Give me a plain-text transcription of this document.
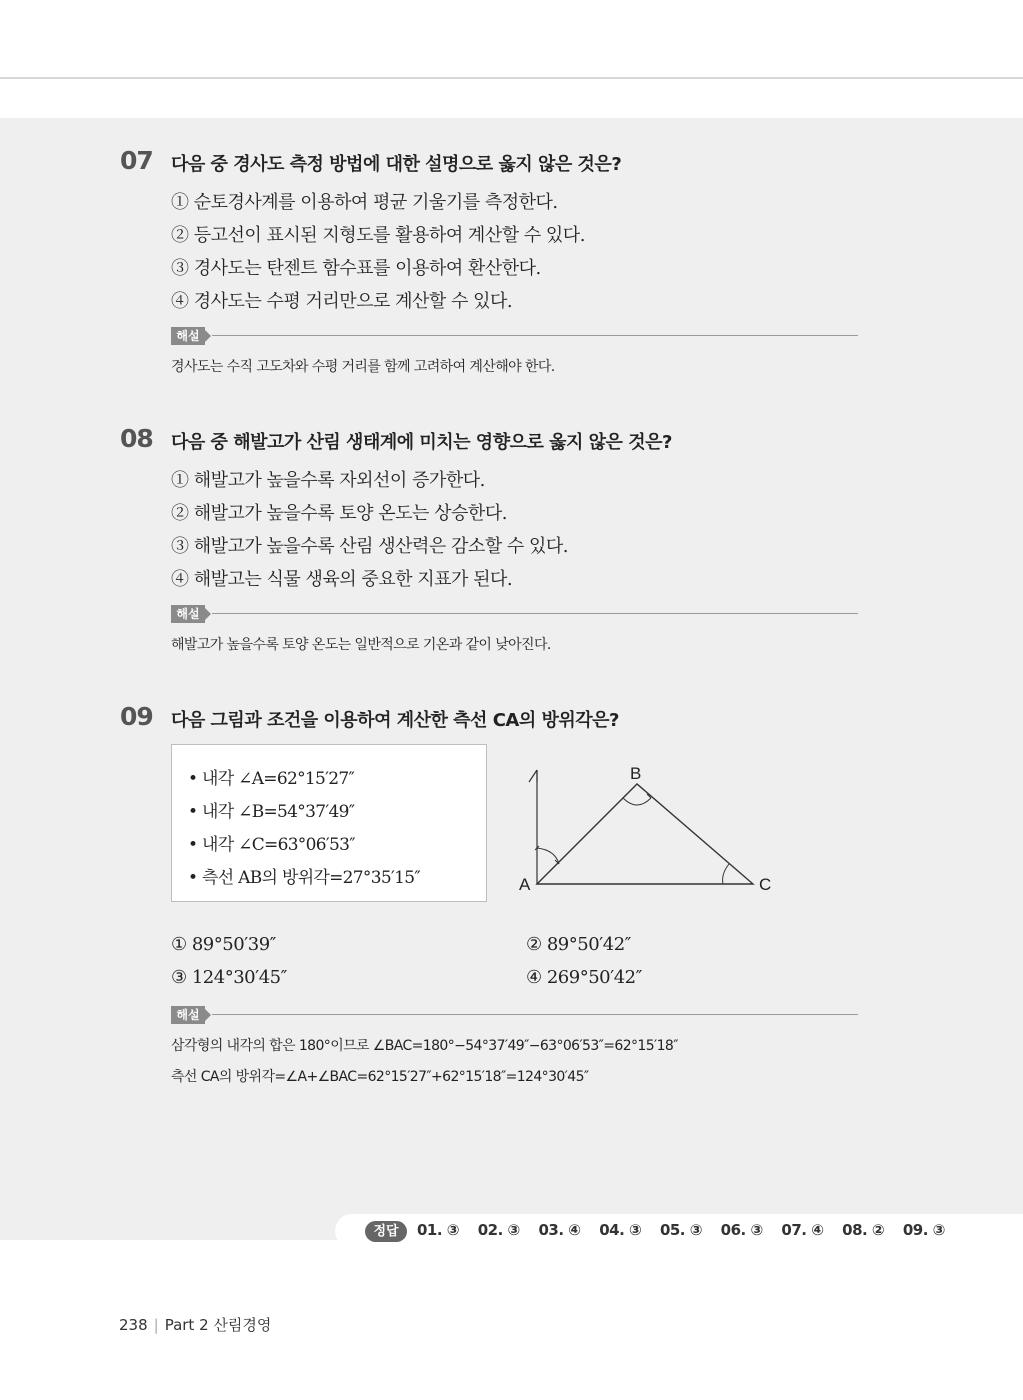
07 다음 중 경사도 측정 방법에 대한 설명으로 옳지 않은 것은?
① 순토경사계를 이용하여 평균 기울기를 측정한다.
② 등고선이 표시된 지형도를 활용하여 계산할 수 있다.
③ 경사도는 탄젠트 함수표를 이용하여 환산한다.
④ 경사도는 수평 거리만으로 계산할 수 있다.
해설
경사도는 수직 고도차와 수평 거리를 함께 고려하여 계산해야 한다.
08 다음 중 해발고가 산림 생태계에 미치는 영향으로 옳지 않은 것은?
① 해발고가 높을수록 자외선이 증가한다.
② 해발고가 높을수록 토양 온도는 상승한다.
③ 해발고가 높을수록 산림 생산력은 감소할 수 있다.
④ 해발고는 식물 생육의 중요한 지표가 된다.
해설
해발고가 높을수록 토양 온도는 일반적으로 기온과 같이 낮아진다.
09 다음 그림과 조건을 이용하여 계산한 측선 CA의 방위각은?
• 내각 ∠A=62°15′27″
• 내각 ∠B=54°37′49″
• 내각 ∠C=63°06′53″
• 측선 AB의 방위각=27°35′15″	A
B
C
① 89°50′39″	② 89°50′42″
③ 124°30′45″	④ 269°50′42″
해설
삼각형의 내각의 합은 180°이므로 ∠BAC=180°−54°37′49″−63°06′53″=62°15′18″
측선 CA의 방위각=∠A+∠BAC=62°15′27″+62°15′18″=124°30′45″
정답	01. ③ 02. ③ 03. ④ 04. ③ 05. ③ 06. ③ 07. ④ 08. ② 09. ③
238 | Part 2 산림경영
